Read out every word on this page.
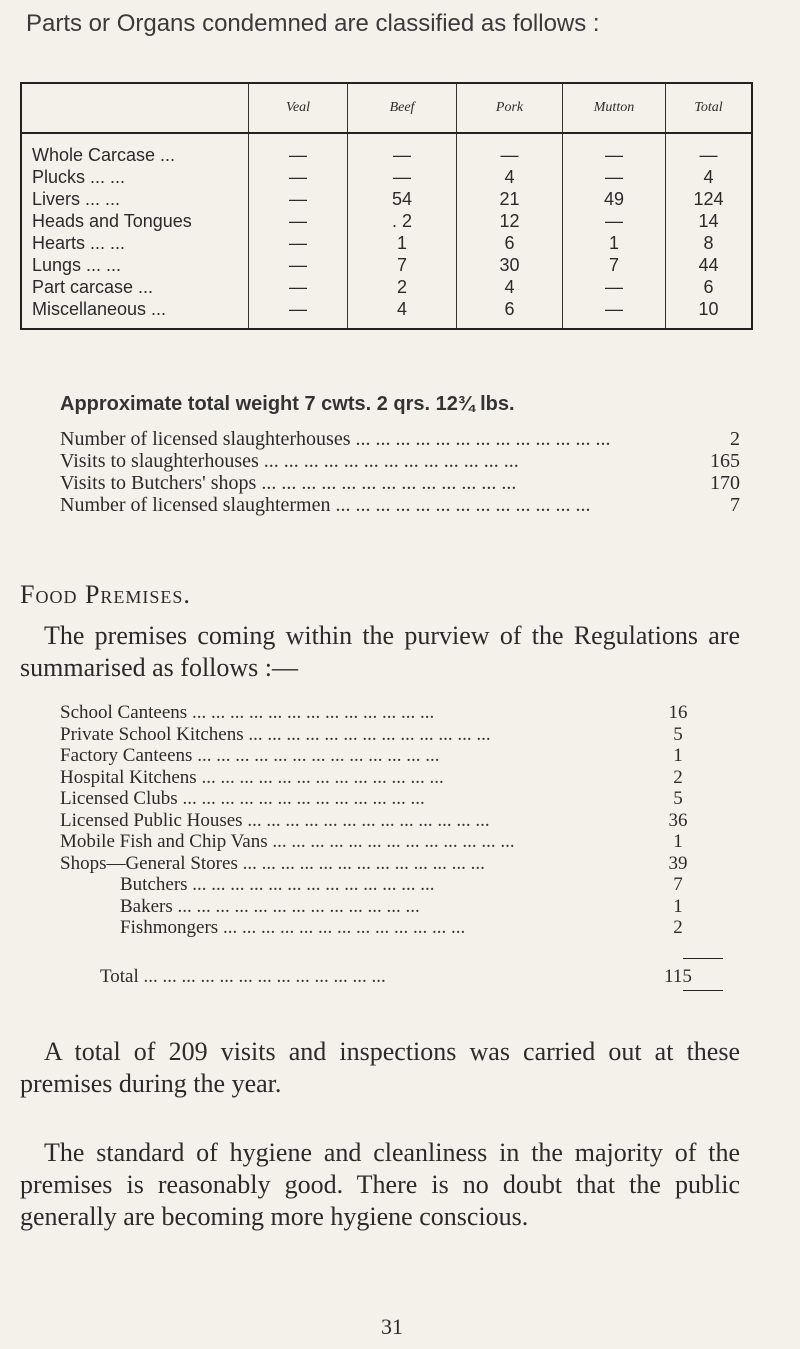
Parts or Organs condemned are classified as follows :
	Veal	Beef	Pork	Mutton	Total
Whole Carcase ...	—	—	—	—	—
Plucks ... ...	—	—	4	—	4
Livers ... ...	—	54	21	49	124
Heads and Tongues	—	. 2	12	—	14
Hearts ... ...	—	1	6	1	8
Lungs ... ...	—	7	30	7	44
Part carcase ...	—	2	4	—	6
Miscellaneous ...	—	4	6	—	10
Approximate total weight 7 cwts. 2 qrs. 12¾ lbs.
Number of licensed slaughterhouses ... .	2
Visits to slaughterhouses ... .	165
Visits to Butchers' shops ... .	170
Number of licensed slaughtermen ... .	7
Food Premises.
The premises coming within the purview of the Regulations are summarised as follows :—
School Canteens ... .	16
Private School Kitchens ... .	5
Factory Canteens ... .	1
Hospital Kitchens ... .	2
Licensed Clubs ... .	5
Licensed Public Houses ... .	36
Mobile Fish and Chip Vans ... .	1
Shops—General Stores ... .	39
Butchers ... .	7
Bakers ... .	1
Fishmongers ... .	2
Total ... .	115
A total of 209 visits and inspections was carried out at these premises during the year.
The standard of hygiene and cleanliness in the majority of the premises is reasonably good. There is no doubt that the public generally are becoming more hygiene conscious.
31
